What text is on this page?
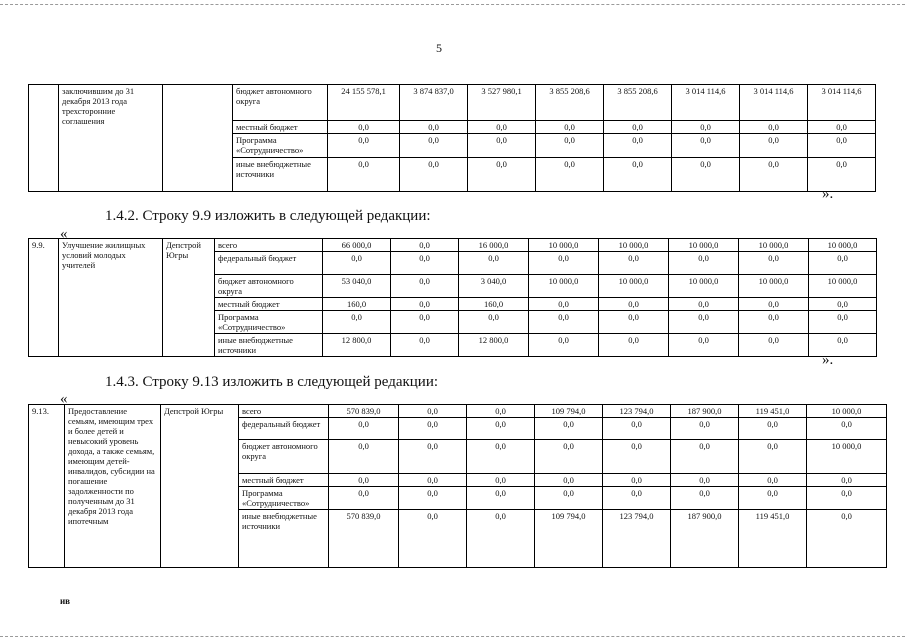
5
	заключившим до 31 декабря 2013 года трехсторонние соглашения		бюджет автономного округа	24 155 578,1	3 874 837,0	3 527 980,1	3 855 208,6	3 855 208,6	3 014 114,6	3 014 114,6	3 014 114,6
			местный бюджет	0,0	0,0	0,0	0,0	0,0	0,0	0,0	0,0
			Программа «Сотрудничество»	0,0	0,0	0,0	0,0	0,0	0,0	0,0	0,0
			иные внебюджетные источники	0,0	0,0	0,0	0,0	0,0	0,0	0,0	0,0
».
1.4.2. Строку 9.9 изложить в следующей редакции:
«
9.9.	Улучшение жилищных условий молодых учителей	Депстрой Югры	всего	66 000,0	0,0	16 000,0	10 000,0	10 000,0	10 000,0	10 000,0	10 000,0
			федеральный бюджет	0,0	0,0	0,0	0,0	0,0	0,0	0,0	0,0
			бюджет автономного округа	53 040,0	0,0	3 040,0	10 000,0	10 000,0	10 000,0	10 000,0	10 000,0
			местный бюджет	160,0	0,0	160,0	0,0	0,0	0,0	0,0	0,0
			Программа «Сотрудничество»	0,0	0,0	0,0	0,0	0,0	0,0	0,0	0,0
			иные внебюджетные источники	12 800,0	0,0	12 800,0	0,0	0,0	0,0	0,0	0,0
».
1.4.3. Строку 9.13 изложить в следующей редакции:
«
9.13.	Предоставление семьям, имеющим трех и более детей и невысокий уровень дохода, а также семьям, имеющим детей-инвалидов, субсидии на погашение задолженности по полученным до 31 декабря 2013 года ипотечным	Депстрой Югры	всего	570 839,0	0,0	0,0	109 794,0	123 794,0	187 900,0	119 451,0	10 000,0
			федеральный бюджет	0,0	0,0	0,0	0,0	0,0	0,0	0,0	0,0
			бюджет автономного округа	0,0	0,0	0,0	0,0	0,0	0,0	0,0	10 000,0
			местный бюджет	0,0	0,0	0,0	0,0	0,0	0,0	0,0	0,0
			Программа «Сотрудничество»	0,0	0,0	0,0	0,0	0,0	0,0	0,0	0,0
			иные внебюджетные источники	570 839,0	0,0	0,0	109 794,0	123 794,0	187 900,0	119 451,0	0,0
ив
